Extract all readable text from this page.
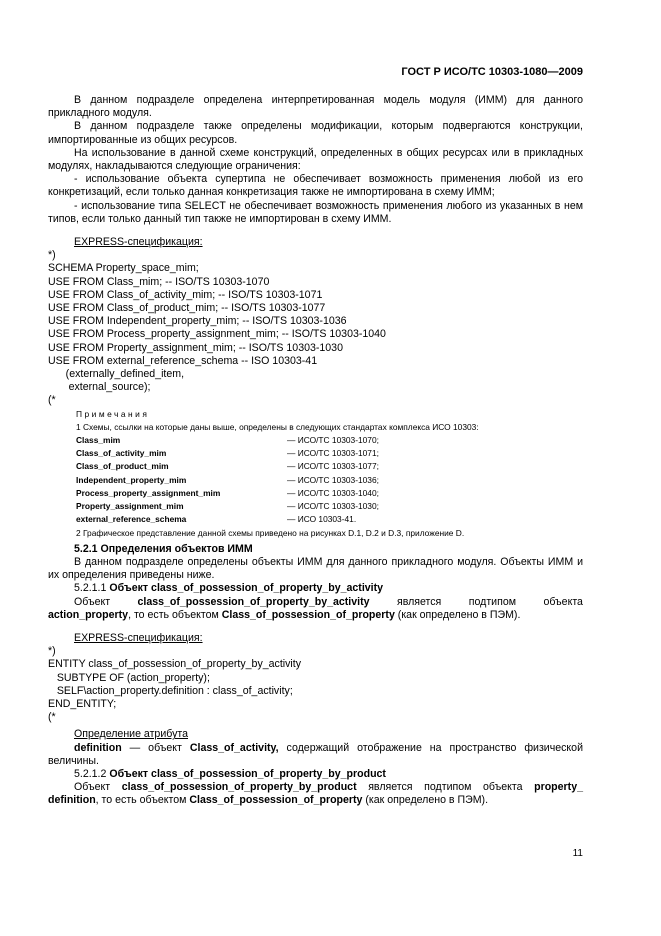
ГОСТ Р ИСО/ТС 10303-1080—2009

В данном подразделе определена интерпретированная модель модуля (ИММ) для данного прикладного модуля.

В данном подразделе также определены модификации, которым подвергаются конструкции, импортированные из общих ресурсов.

На использование в данной схеме конструкций, определенных в общих ресурсах или в прикладных модулях, накладываются следующие ограничения:

- использование объекта супертипа не обеспечивает возможность применения любой из его конкретизаций, если только данная конкретизация также не импортирована в схему ИММ;

- использование типа SELECT не обеспечивает возможность применения любого из указанных в нем типов, если только данный тип также не импортирован в схему ИММ.

EXPRESS-спецификация:

*)
SCHEMA Property_space_mim;
USE FROM Class_mim; -- ISO/TS 10303-1070
USE FROM Class_of_activity_mim; -- ISO/TS 10303-1071
USE FROM Class_of_product_mim; -- ISO/TS 10303-1077
USE FROM Independent_property_mim; -- ISO/TS 10303-1036
USE FROM Process_property_assignment_mim; -- ISO/TS 10303-1040
USE FROM Property_assignment_mim; -- ISO/TS 10303-1030
USE FROM external_reference_schema -- ISO 10303-41
(externally_defined_item,
external_source);
(*
Примечания
1 Схемы, ссылки на которые даны выше, определены в следующих стандартах комплекса ИСО 10303:
Class_mim	— ИСО/ТС 10303-1070;
Class_of_activity_mim	— ИСО/ТС 10303-1071;
Class_of_product_mim	— ИСО/ТС 10303-1077;
Independent_property_mim	— ИСО/ТС 10303-1036;
Process_property_assignment_mim	— ИСО/ТС 10303-1040;
Property_assignment_mim	— ИСО/ТС 10303-1030;
external_reference_schema	— ИСО 10303-41.
2 Графическое представление данной схемы приведено на рисунках D.1, D.2 и D.3, приложение D.

5.2.1 Определения объектов ИММ

В данном подразделе определены объекты ИММ для данного прикладного модуля. Объекты ИММ и их определения приведены ниже.

5.2.1.1 Объект class_of_possession_of_property_by_activity

Объект	class_of_possession_of_property_by_activity	является	подтипом	объекта

action_property, то есть объектом Class_of_possession_of_property (как определено в ПЭМ).

EXPRESS-спецификация:

*)
ENTITY class_of_possession_of_property_by_activity
SUBTYPE OF (action_property);
SELF\action_property.definition : class_of_activity;
END_ENTITY;
(*

Определение атрибута

definition — объект Class_of_activity, содержащий отображение на пространство физической величины.

5.2.1.2 Объект class_of_possession_of_property_by_product

Объект class_of_possession_of_property_by_product является подтипом объекта property_ definition, то есть объектом Class_of_possession_of_property (как определено в ПЭМ).

11
